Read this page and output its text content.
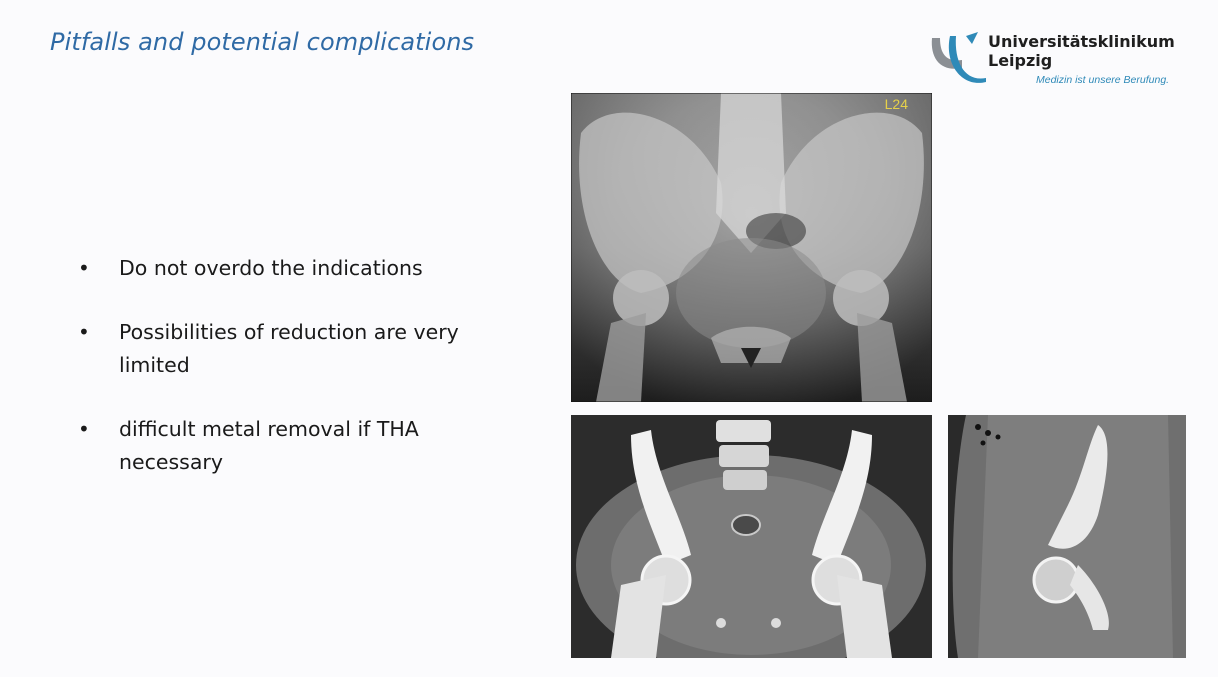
Pitfalls and potential complications	Universitätsklinikum
Leipzig
Medizin ist unsere Berufung.
• Do not overdo the indications
• Possibilities of reduction are very limited
• difficult metal removal if THA necessary
L24
